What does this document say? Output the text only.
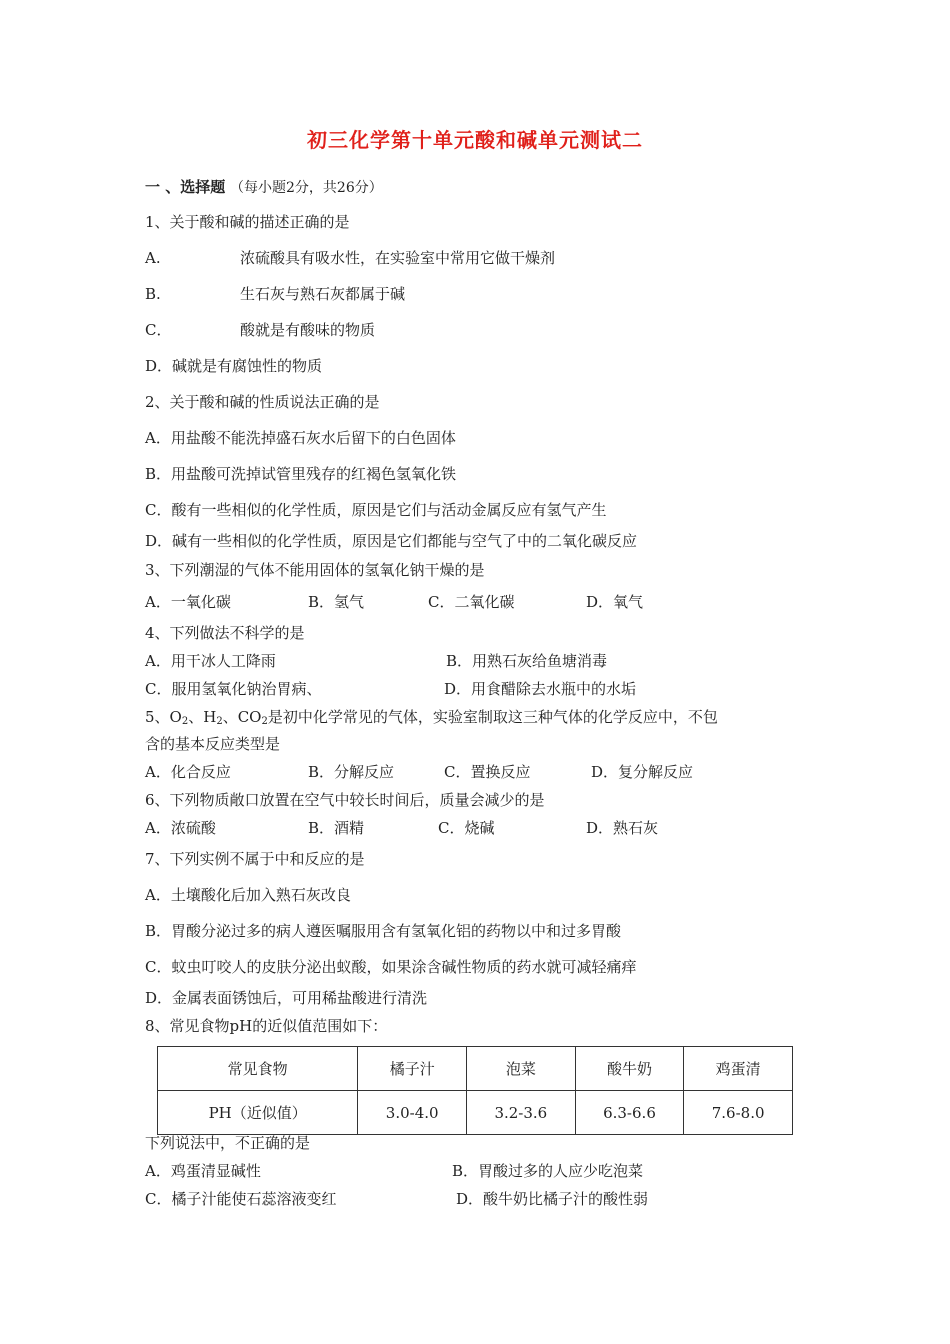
初三化学第十单元酸和碱单元测试二
一 、选择题 （每小题2分，共26分）
1、关于酸和碱的描述正确的是
A.	浓硫酸具有吸水性，在实验室中常用它做干燥剂
B.	生石灰与熟石灰都属于碱
C．	酸就是有酸味的物质
D．碱就是有腐蚀性的物质
2、关于酸和碱的性质说法正确的是
A．用盐酸不能洗掉盛石灰水后留下的白色固体
B．用盐酸可洗掉试管里残存的红褐色氢氧化铁
C．酸有一些相似的化学性质，原因是它们与活动金属反应有氢气产生
D．碱有一些相似的化学性质，原因是它们都能与空气了中的二氧化碳反应
3、下列潮湿的气体不能用固体的氢氧化钠干燥的是
A．一氧化碳	B．氢气	C．二氧化碳	D．氧气
4、下列做法不科学的是
A．用干冰人工降雨	B．用熟石灰给鱼塘消毒
C．服用氢氧化钠治胃病、	D．用食醋除去水瓶中的水垢
5、$O_2$、$H_2$、$CO_2$是初中化学常见的气体，实验室制取这三种气体的化学反应中，不包
含的基本反应类型是
A．化合反应	B．分解反应	C．置换反应	D．复分解反应
6、下列物质敞口放置在空气中较长时间后，质量会减少的是
A．浓硫酸	B．酒精	C．烧碱	D．熟石灰
7、下列实例不属于中和反应的是
A．土壤酸化后加入熟石灰改良
B．胃酸分泌过多的病人遵医嘱服用含有氢氧化铝的药物以中和过多胃酸
C．蚊虫叮咬人的皮肤分泌出蚁酸，如果涂含碱性物质的药水就可减轻痛痒
D．金属表面锈蚀后，可用稀盐酸进行清洗
8、常见食物pH的近似值范围如下：
常见食物	橘子汁	泡菜	酸牛奶	鸡蛋清
PH（近似值）	3.0-4.0	3.2-3.6	6.3-6.6	7.6-8.0
下列说法中，不正确的是
A．鸡蛋清显碱性	B．胃酸过多的人应少吃泡菜
C．橘子汁能使石蕊溶液变红	D．酸牛奶比橘子汁的酸性弱
